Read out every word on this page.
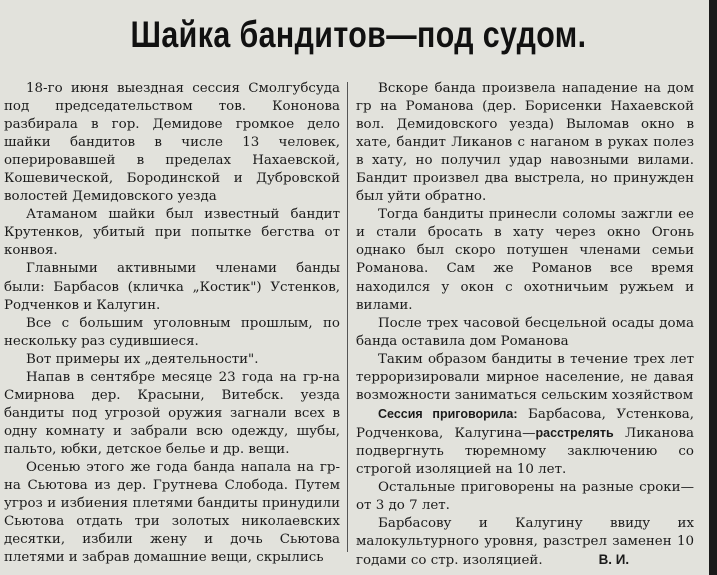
Шайка бандитов—под судом.

18-го июня выездная сессия Смолгубсуда под председательством тов. Кононова разбирала в гор. Демидове громкое дело шайки бандитов в числе 13 человек, оперировавшей в пределах Нахаевской, Кошевической, Бородинской и Дубровской волостей Демидовского уезда

Атаманом шайки был известный бандит Крутенков, убитый при попытке бегства от конвоя.

Главными активными членами банды были: Барбасов (кличка „Костик") Устенков, Родченков и Калугин.

Все с большим уголовным прошлым, по нескольку раз судившиеся.

Вот примеры их „деятельности".

Напав в сентябре месяце 23 года на гр-на Смирнова дер. Красыни, Витебск. уезда бандиты под угрозой оружия загнали всех в одну комнату и забрали всю одежду, шубы, пальто, юбки, детское белье и др. вещи.

Осенью этого же года банда напала на гр-на Сьютова из дер. Грутнева Слобода. Путем угроз и избиения плетями бандиты принудили Сьютова отдать три золотых николаевских десятки, избили жену и дочь Сьютова плетями и забрав домашние вещи, скрылись

Вскоре банда произвела нападение на дом гр на Романова (дер. Борисенки Нахаевской вол. Демидовского уезда) Выломав окно в хате, бандит Ликанов с наганом в руках полез в хату, но получил удар навозными вилами. Бандит произвел два выстрела, но принужден был уйти обратно.

Тогда бандиты принесли соломы зажгли ее и стали бросать в хату через окно Огонь однако был скоро потушен членами семьи Романова. Сам же Романов все время находился у окон с охотничьим ружьем и вилами.

После трех часовой бесцельной осады дома банда оставила дом Романова

Таким образом бандиты в течение трех лет терроризировали мирное население, не давая возможности заниматься сельским хозяйством

Сессия приговорила: Барбасова, Устенкова, Родченкова, Калугина—расстрелять Ликанова подвергнуть тюремному заключению со строгой изоляцией на 10 лет.

Остальные приговорены на разные сроки—от 3 до 7 лет.

Барбасову и Калугину ввиду их малокультурного уровня, разстрел заменен 10 годами со стр. изоляцией.	В. И.
